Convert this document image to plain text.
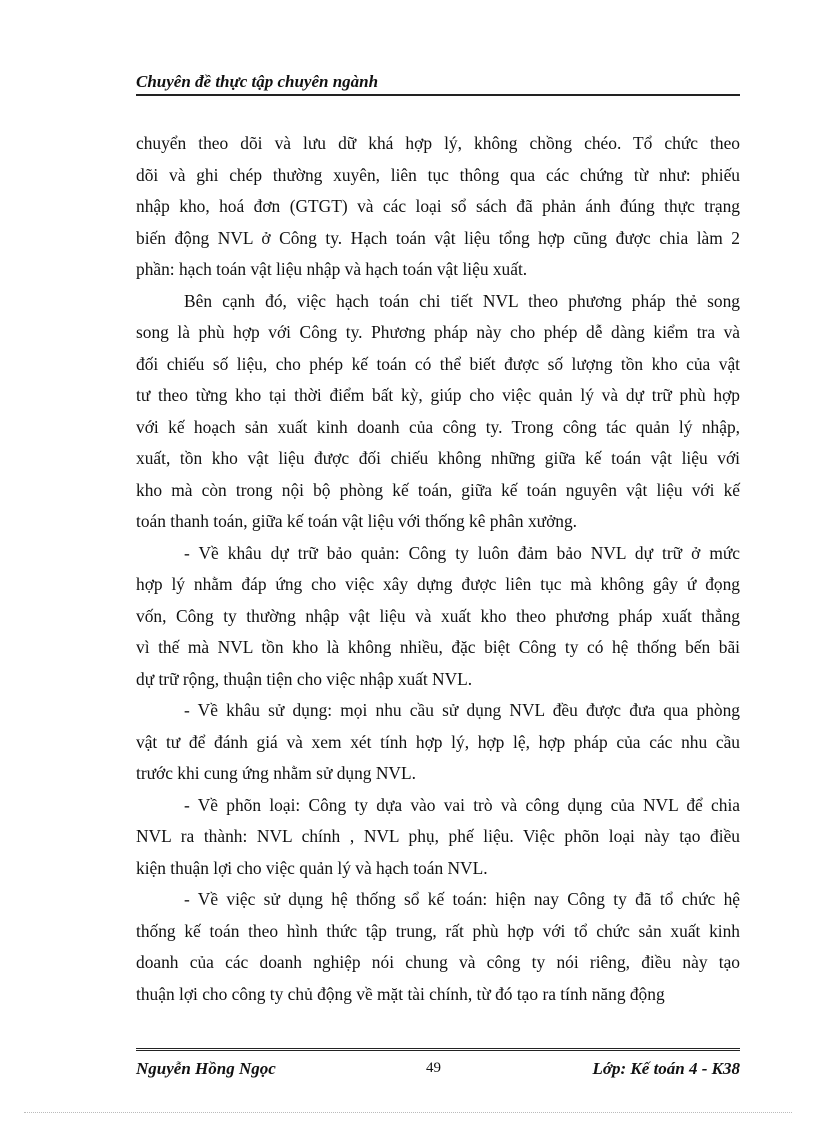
Chuyên đề thực tập chuyên ngành
chuyển theo dõi và lưu dữ khá hợp lý, không chồng chéo. Tổ chức theo
dõi và ghi chép thường xuyên, liên tục thông qua các chứng từ như: phiếu
nhập kho, hoá đơn (GTGT) và các loại sổ sách đã phản ánh đúng thực trạng
biến động NVL ở Công ty. Hạch toán vật liệu tổng hợp cũng được chia làm 2
phần: hạch toán vật liệu nhập và hạch toán vật liệu xuất.
Bên cạnh đó, việc hạch toán chi tiết NVL theo phương pháp thẻ song
song là phù hợp với Công ty. Phương pháp này cho phép dễ dàng kiểm tra và
đối chiếu số liệu, cho phép kế toán có thể biết được số lượng tồn kho của vật
tư theo từng kho tại thời điểm bất kỳ, giúp cho việc quản lý và dự trữ phù hợp
với kế hoạch sản xuất kinh doanh của công ty. Trong công tác quản lý nhập,
xuất, tồn kho vật liệu được đối chiếu không những giữa kế toán vật liệu với
kho mà còn trong nội bộ phòng kế toán, giữa kế toán nguyên vật liệu với kế
toán thanh toán, giữa kế toán vật liệu với thống kê phân xưởng.
- Về khâu dự trữ bảo quản: Công ty luôn đảm bảo NVL dự trữ ở mức
hợp lý nhằm đáp ứng cho việc xây dựng được liên tục mà không gây ứ đọng
vốn, Công ty thường nhập vật liệu và xuất kho theo phương pháp xuất thẳng
vì thế mà NVL tồn kho là không nhiều, đặc biệt Công ty có hệ thống bến bãi
dự trữ rộng, thuận tiện cho việc nhập xuất NVL.
- Về khâu sử dụng: mọi nhu cầu sử dụng NVL đều được đưa qua phòng
vật tư để đánh giá và xem xét tính hợp lý, hợp lệ, hợp pháp của các nhu cầu
trước khi cung ứng nhằm sử dụng NVL.
- Về phõn loại: Công ty dựa vào vai trò và công dụng của NVL để chia
NVL ra thành: NVL chính , NVL phụ, phế liệu. Việc phõn loại này tạo điều
kiện thuận lợi cho việc quản lý và hạch toán NVL.
- Về việc sử dụng hệ thống sổ kế toán: hiện nay Công ty đã tổ chức hệ
thống kế toán theo hình thức tập trung, rất phù hợp với tổ chức sản xuất kinh
doanh của các doanh nghiệp nói chung và công ty nói riêng, điều này tạo
thuận lợi cho công ty chủ động về mặt tài chính, từ đó tạo ra tính năng động
Nguyễn Hồng Ngọc	49	Lớp: Kế toán 4 - K38
